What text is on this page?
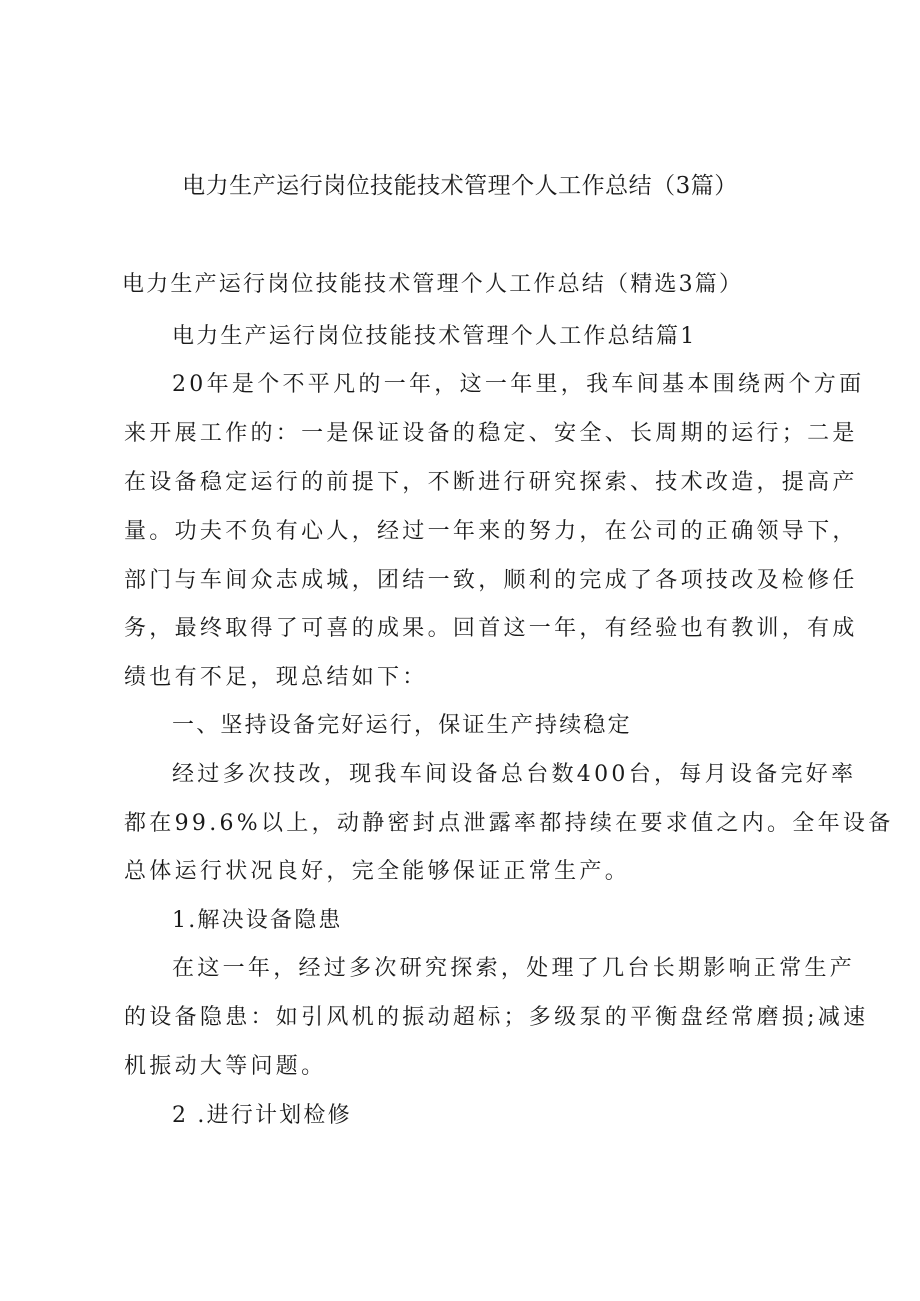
电力生产运行岗位技能技术管理个人工作总结（3篇）
电力生产运行岗位技能技术管理个人工作总结（精选3篇）
电力生产运行岗位技能技术管理个人工作总结篇1
20年是个不平凡的一年，这一年里，我车间基本围绕两个方面
来开展工作的：一是保证设备的稳定、安全、长周期的运行；二是
在设备稳定运行的前提下，不断进行研究探索、技术改造，提高产
量。功夫不负有心人，经过一年来的努力，在公司的正确领导下，
部门与车间众志成城，团结一致，顺利的完成了各项技改及检修任
务，最终取得了可喜的成果。回首这一年，有经验也有教训，有成
绩也有不足，现总结如下：
一、坚持设备完好运行，保证生产持续稳定
经过多次技改，现我车间设备总台数400台，每月设备完好率
都在99.6%以上，动静密封点泄露率都持续在要求值之内。全年设备
总体运行状况良好，完全能够保证正常生产。
1.解决设备隐患
在这一年，经过多次研究探索，处理了几台长期影响正常生产
的设备隐患：如引风机的振动超标；多级泵的平衡盘经常磨损;减速
机振动大等问题。
2 .进行计划检修
